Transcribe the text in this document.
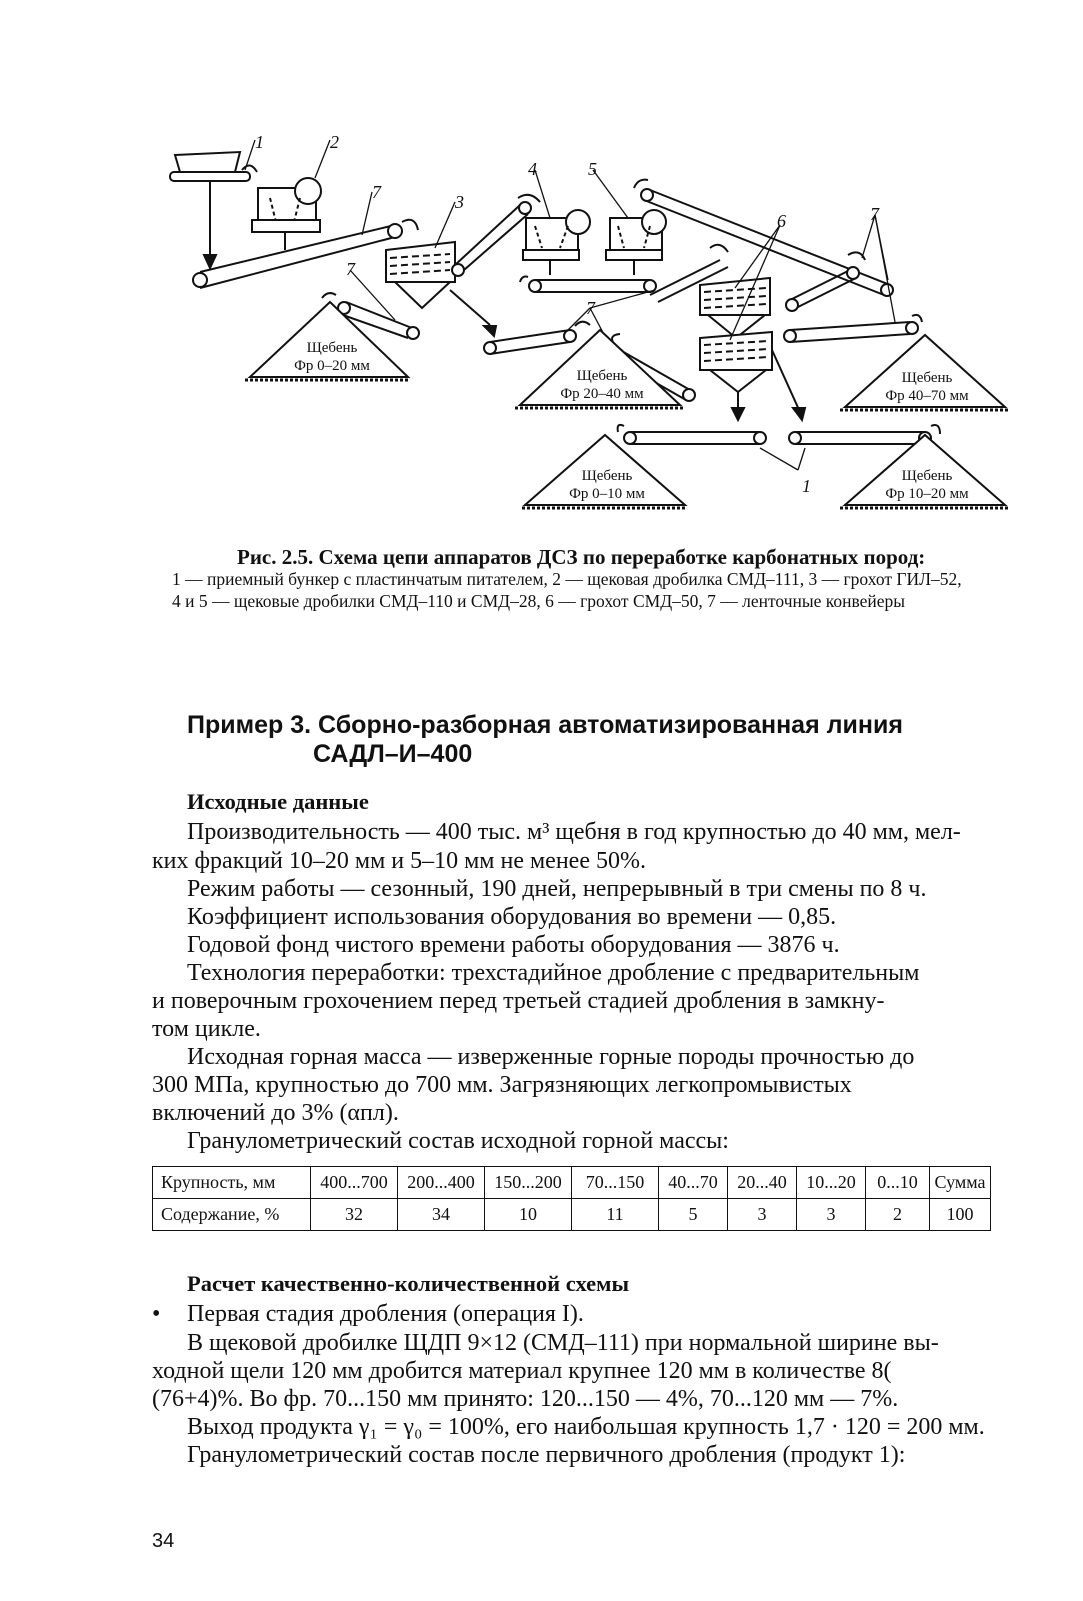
1	2
7	3
4	5
6	7
7
7
1
Щебень
Фр 0–20 мм
Щебень
Фр 20–40 мм
Щебень
Фр 40–70 мм
Щебень
Фр 0–10 мм
Щебень
Фр 10–20 мм
Рис. 2.5. Схема цепи аппаратов ДСЗ по переработке карбонатных пород:
1 — приемный бункер с пластинчатым питателем, 2 — щековая дробилка СМД–111, 3 — грохот ГИЛ–52,
4 и 5 — щековые дробилки СМД–110 и СМД–28, 6 — грохот СМД–50, 7 — ленточные конвейеры
Пример 3. Сборно-разборная автоматизированная линия
САДЛ–И–400
Исходные данные
Производительность — 400 тыс. м³ щебня в год крупностью до 40 мм, мел-
ких фракций 10–20 мм и 5–10 мм не менее 50%.
Режим работы — сезонный, 190 дней, непрерывный в три смены по 8 ч.
Коэффициент использования оборудования во времени — 0,85.
Годовой фонд чистого времени работы оборудования — 3876 ч.
Технология переработки: трехстадийное дробление с предварительным
и поверочным грохочением перед третьей стадией дробления в замкну-
том цикле.
Исходная горная масса — изверженные горные породы прочностью до
300 МПа, крупностью до 700 мм. Загрязняющих легкопромывистых
включений до 3% (αпл).
Гранулометрический состав исходной горной массы:
Крупность, мм	400...700	200...400	150...200	70...150	40...70	20...40	10...20	0...10	Сумма
Содержание, %	32	34	10	11	5	3	3	2	100
Расчет качественно-количественной схемы
• Первая стадия дробления (операция I).
В щековой дробилке ЩДП 9×12 (СМД–111) при нормальной ширине вы-
ходной щели 120 мм дробится материал крупнее 120 мм в количестве 8(
(76+4)%. Во фр. 70...150 мм принято: 120...150 — 4%, 70...120 мм — 7%.
Выход продукта γ₁ = γ₀ = 100%, его наибольшая крупность 1,7 · 120 = 200 мм.
Гранулометрический состав после первичного дробления (продукт 1):
34
